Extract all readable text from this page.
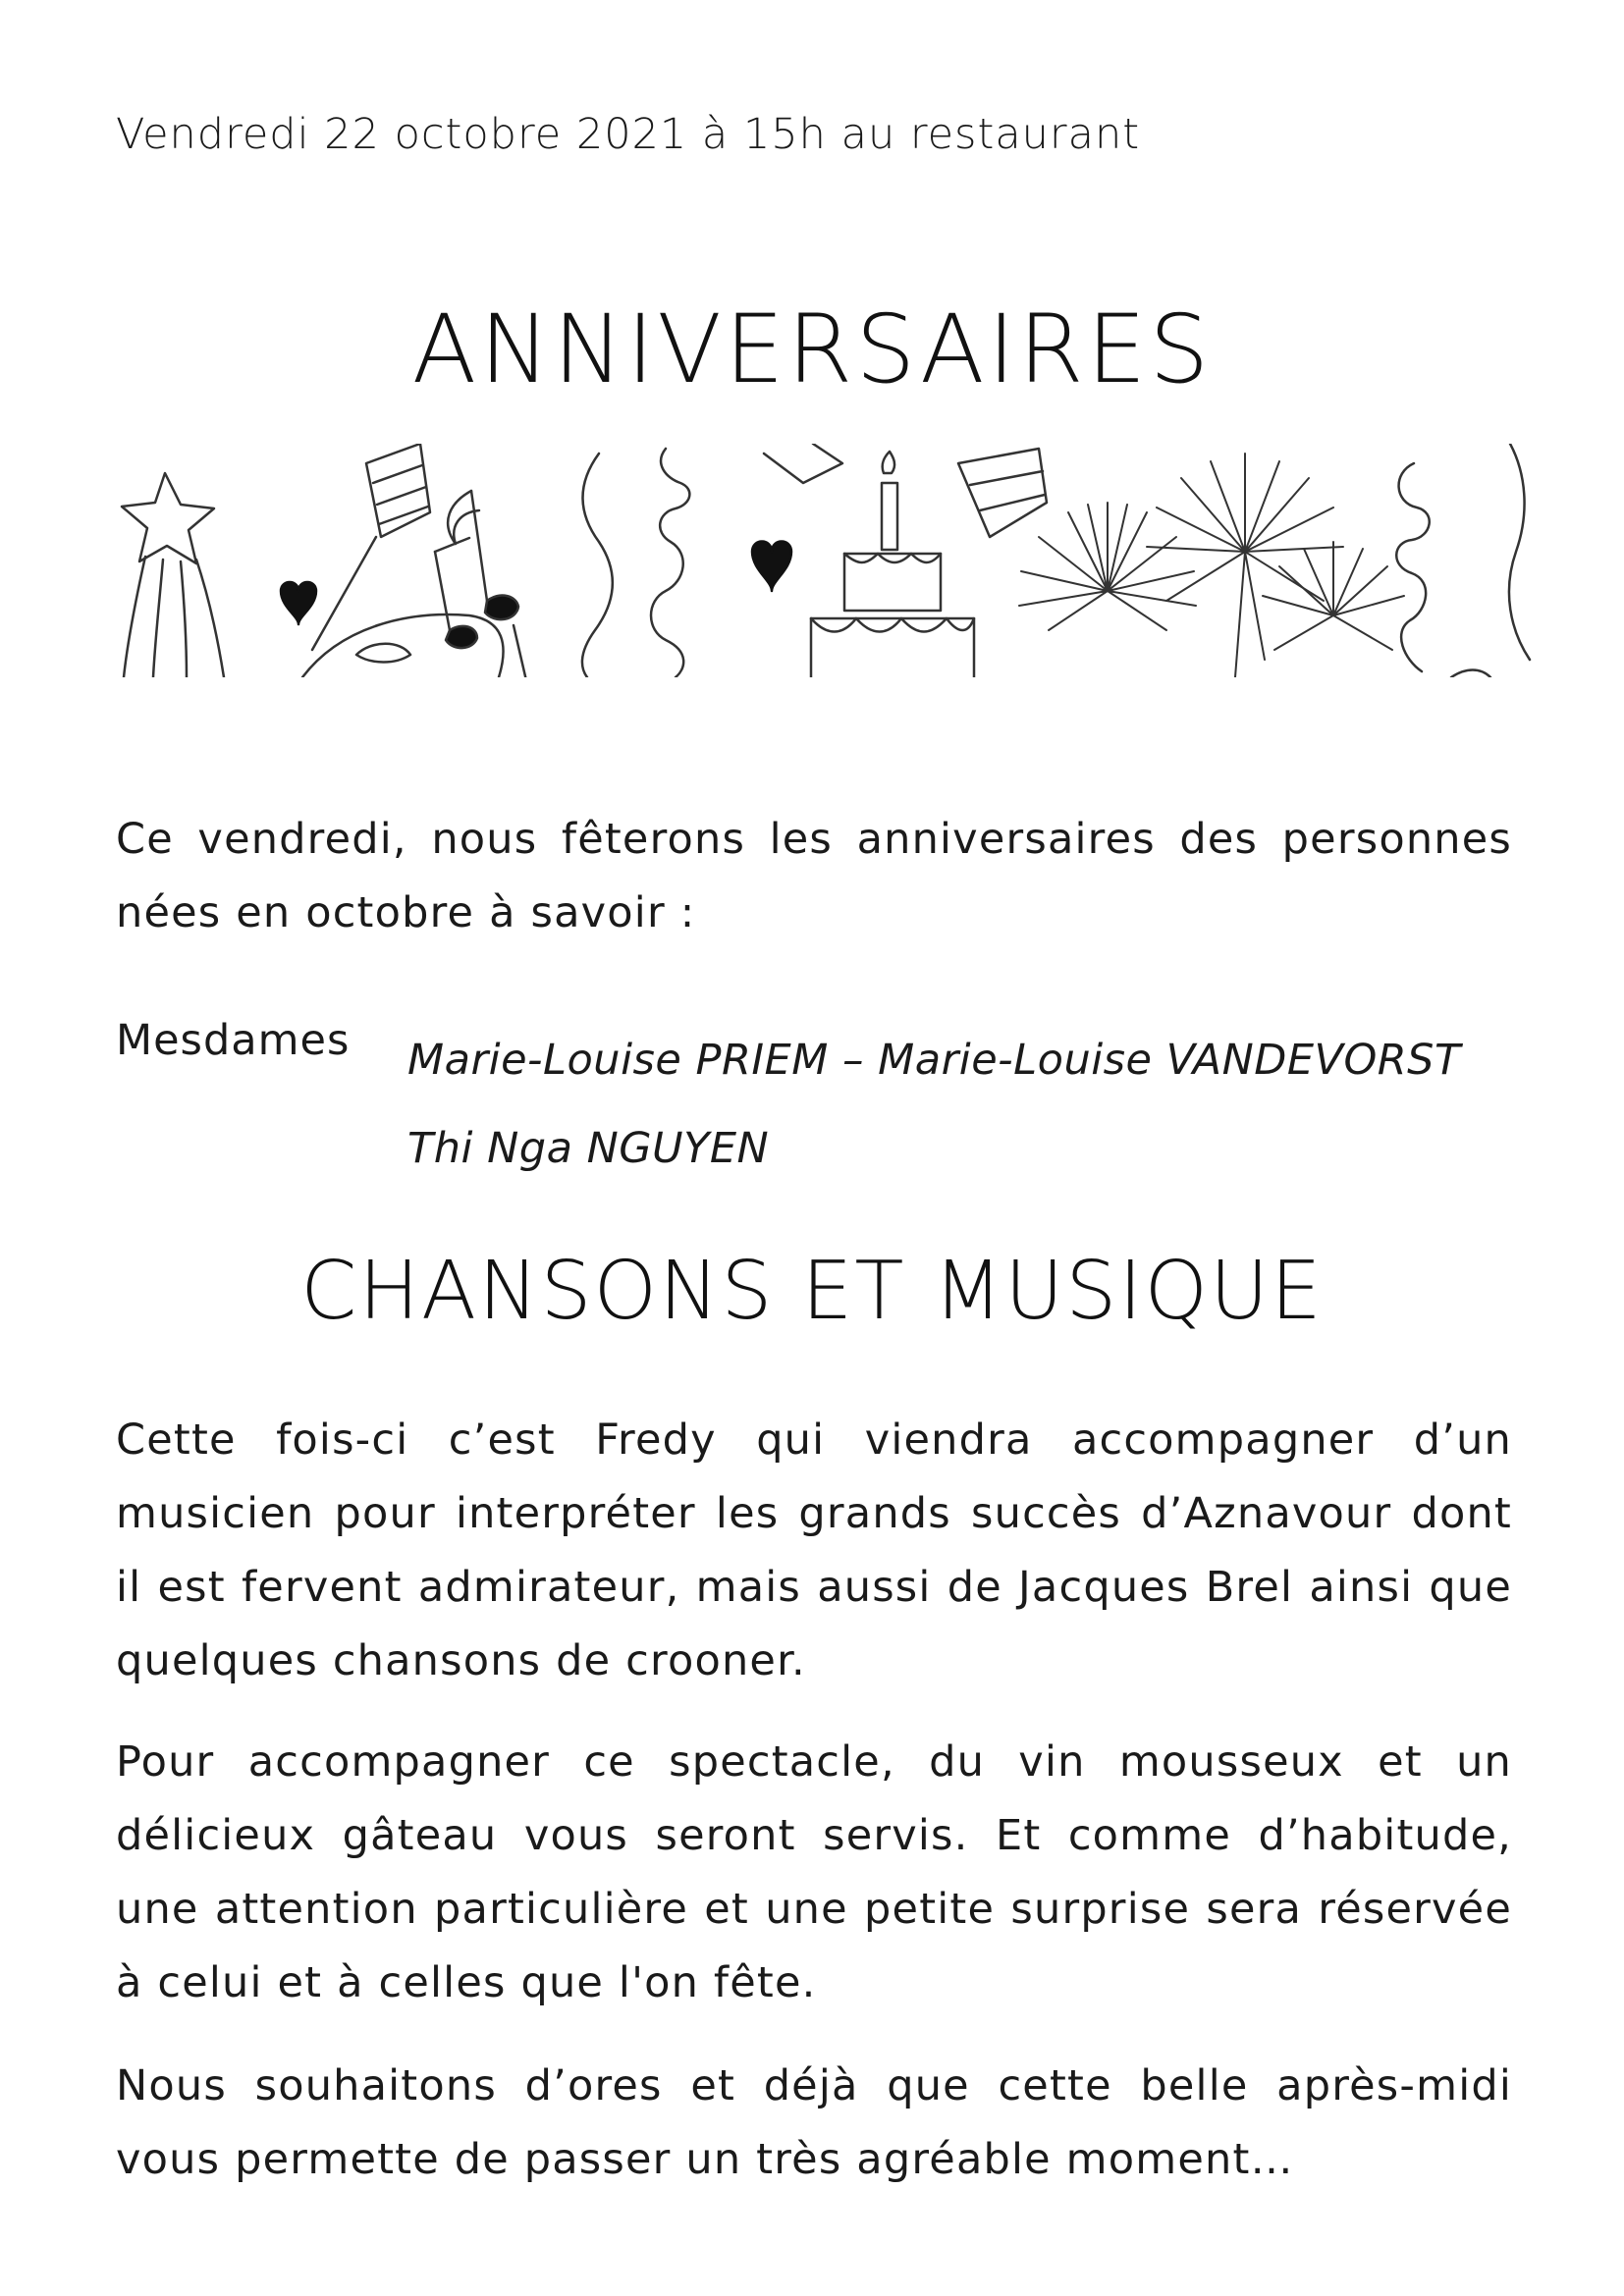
Vendredi 22 octobre 2021 à 15h au restaurant
ANNIVERSAIRES
Ce vendredi, nous fêterons les anniversaires des personnes nées en octobre à savoir :
Mesdames Marie-Louise PRIEM – Marie-Louise VANDEVORST
Thi Nga NGUYEN
CHANSONS ET MUSIQUE
Cette fois-ci c’est Fredy qui viendra accompagner d’un musicien pour interpréter les grands succès d’Aznavour dont il est fervent admirateur, mais aussi de Jacques Brel ainsi que quelques chansons de crooner.
Pour accompagner ce spectacle, du vin mousseux et un délicieux gâteau vous seront servis. Et comme d’habitude, une attention particulière et une petite surprise sera réservée à celui et à celles que l'on fête.
Nous souhaitons d’ores et déjà que cette belle après-midi vous permette de passer un très agréable moment…
